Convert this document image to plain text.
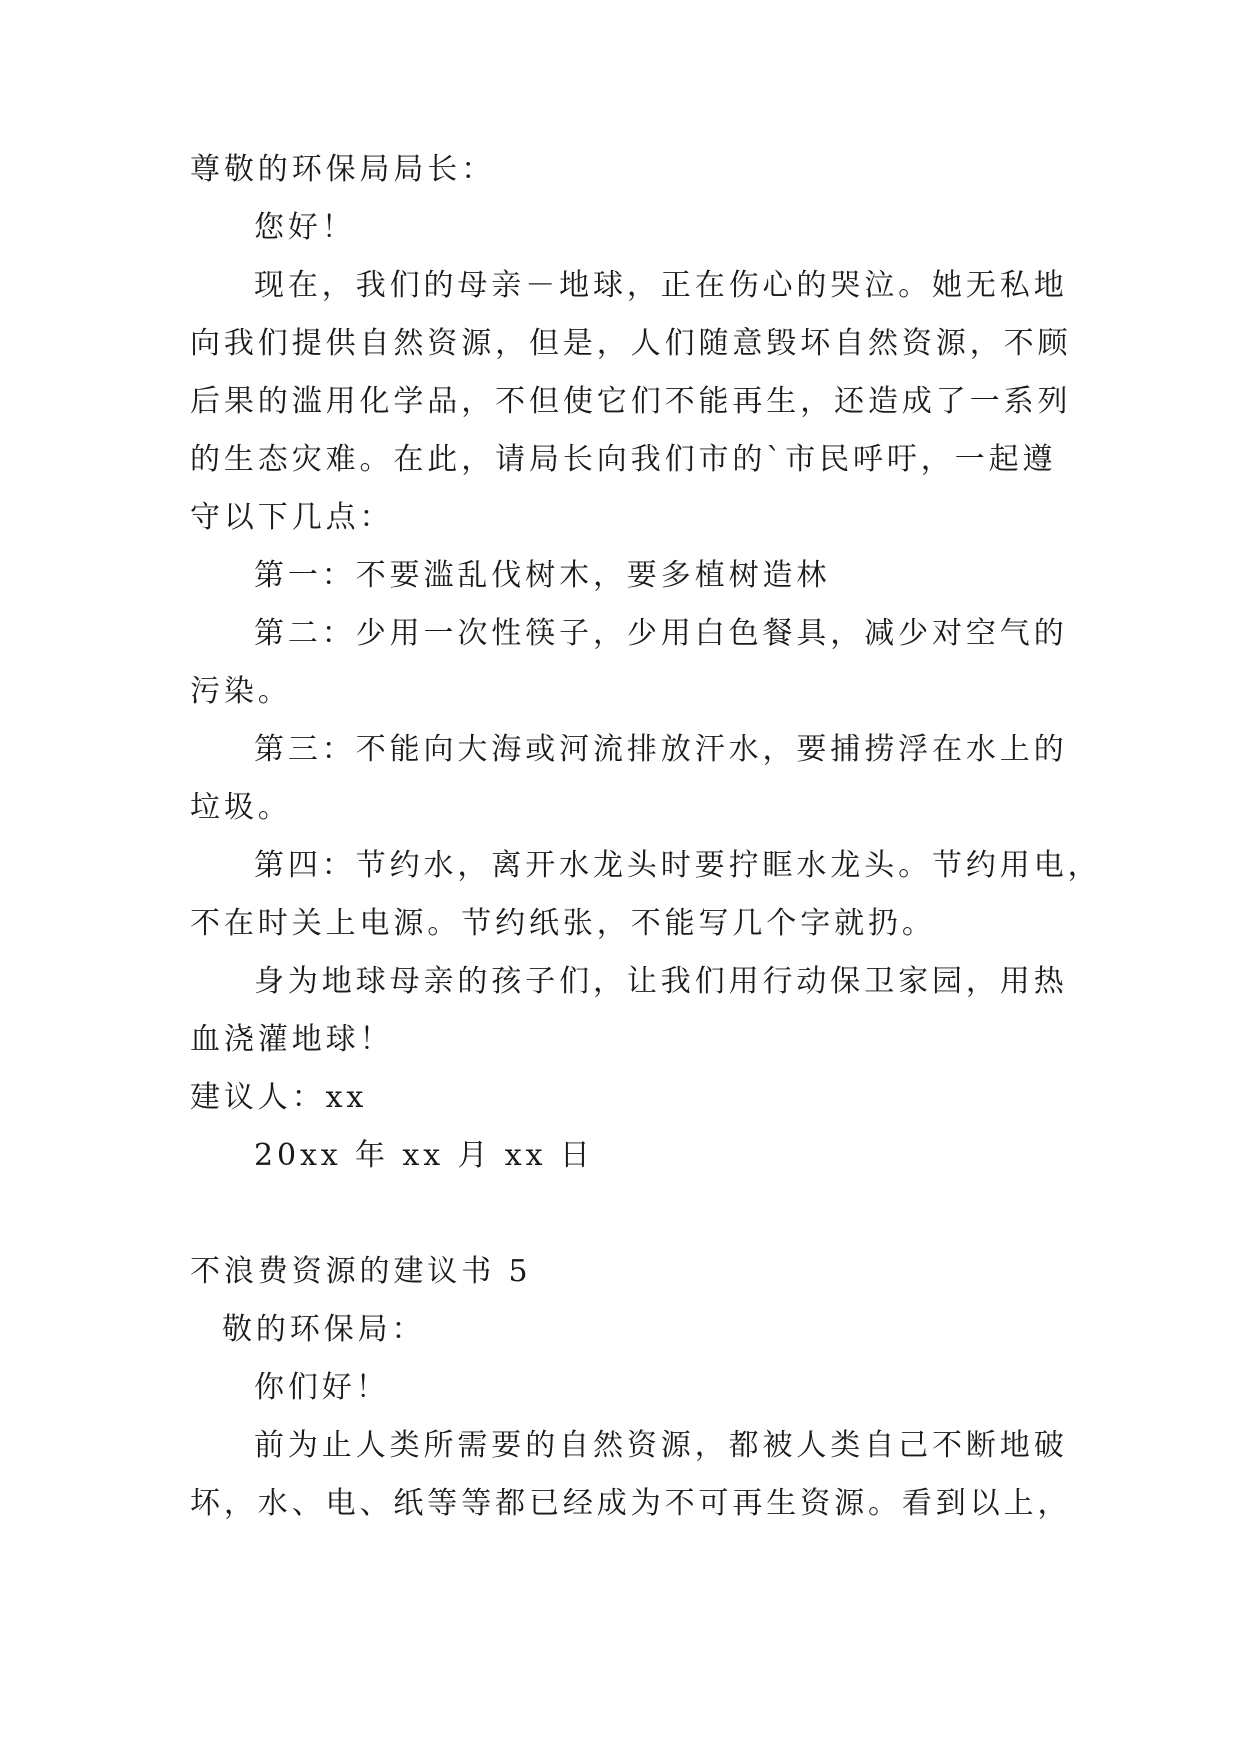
尊敬的环保局局长：
您好！
现在，我们的母亲－地球，正在伤心的哭泣。她无私地
向我们提供自然资源，但是，人们随意毁坏自然资源，不顾
后果的滥用化学品，不但使它们不能再生，还造成了一系列
的生态灾难。在此，请局长向我们市的`市民呼吁，一起遵
守以下几点：
第一：不要滥乱伐树木，要多植树造林
第二：少用一次性筷子，少用白色餐具，减少对空气的
污染。
第三：不能向大海或河流排放汗水，要捕捞浮在水上的
垃圾。
第四：节约水，离开水龙头时要拧眶水龙头。节约用电，
不在时关上电源。节约纸张，不能写几个字就扔。
身为地球母亲的孩子们，让我们用行动保卫家园，用热
血浇灌地球！
建议人：xx
20xx 年 xx 月 xx 日
不浪费资源的建议书 5
敬的环保局：
你们好！
前为止人类所需要的自然资源，都被人类自己不断地破
坏，水、电、纸等等都已经成为不可再生资源。看到以上，
